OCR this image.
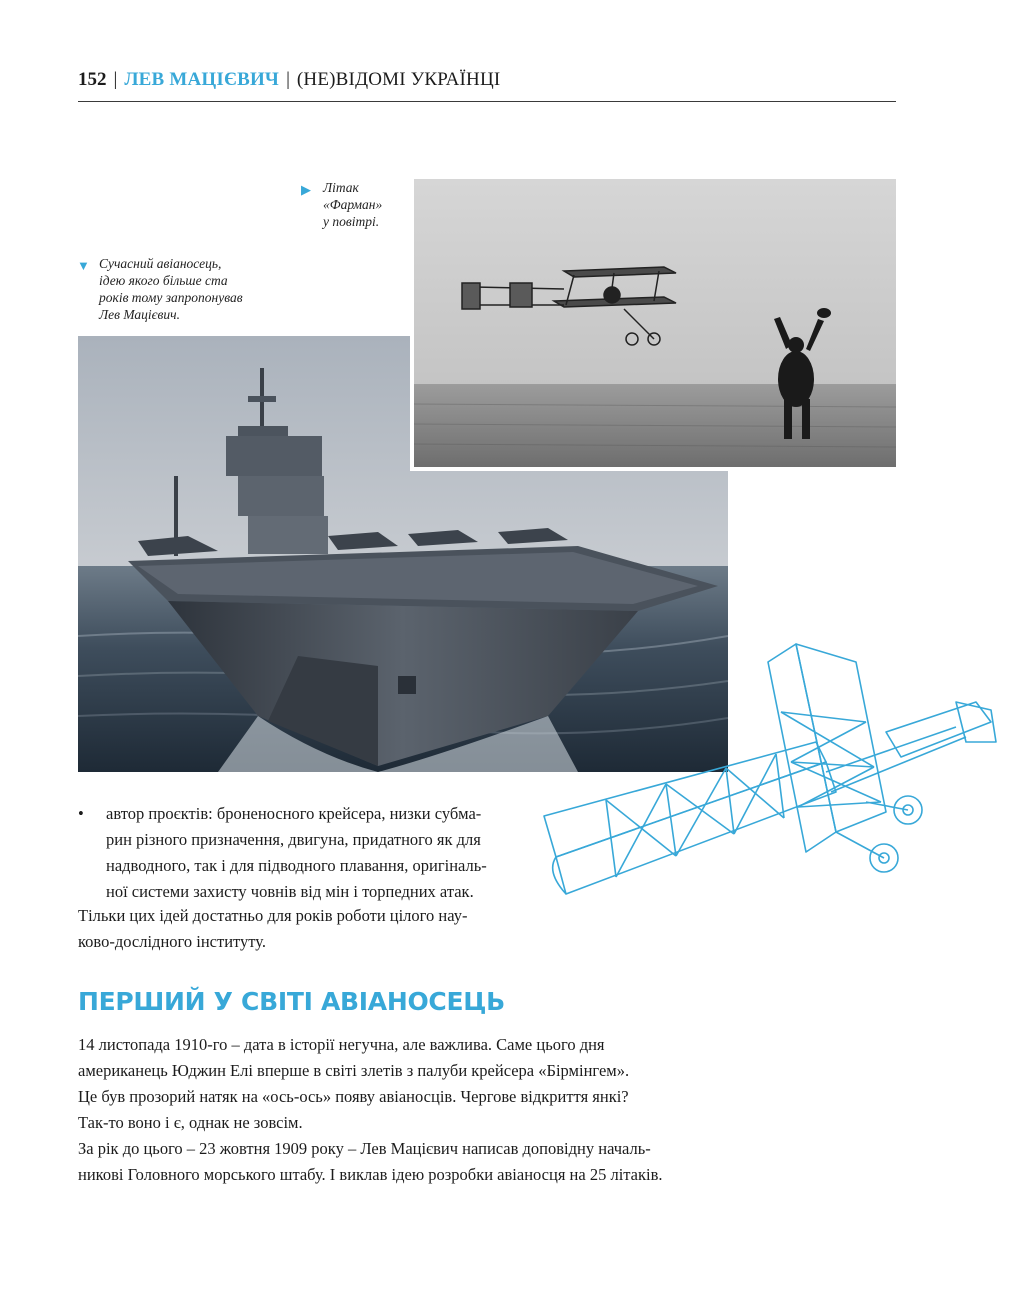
152 | ЛЕВ МАЦІЄВИЧ | (НЕ)ВІДОМІ УКРАЇНЦІ
▶ Літак
«Фарман»
у повітрі.
▼ Сучасний авіаносець,
ідею якого більше ста
років тому запропонував
Лев Мацієвич.
• автор проєктів: броненосного крейсера, низки субма-
рин різного призначення, двигуна, придатного як для
надводного, так і для підводного плавання, оригіналь-
ної системи захисту човнів від мін і торпедних атак.
Тільки цих ідей достатньо для років роботи цілого нау-
ково-дослідного інституту.
ПЕРШИЙ У СВІТІ АВІАНОСЕЦЬ
14 листопада 1910-го – дата в історії негучна, але важлива. Саме цього дня
американець Юджин Елі вперше в світі злетів з палуби крейсера «Бірмінгем».
Це був прозорий натяк на «ось-ось» появу авіаносців. Чергове відкриття янкі?
Так-то воно і є, однак не зовсім.
За рік до цього – 23 жовтня 1909 року – Лев Мацієвич написав доповідну началь-
никові Головного морського штабу. І виклав ідею розробки авіаносця на 25 літаків.
